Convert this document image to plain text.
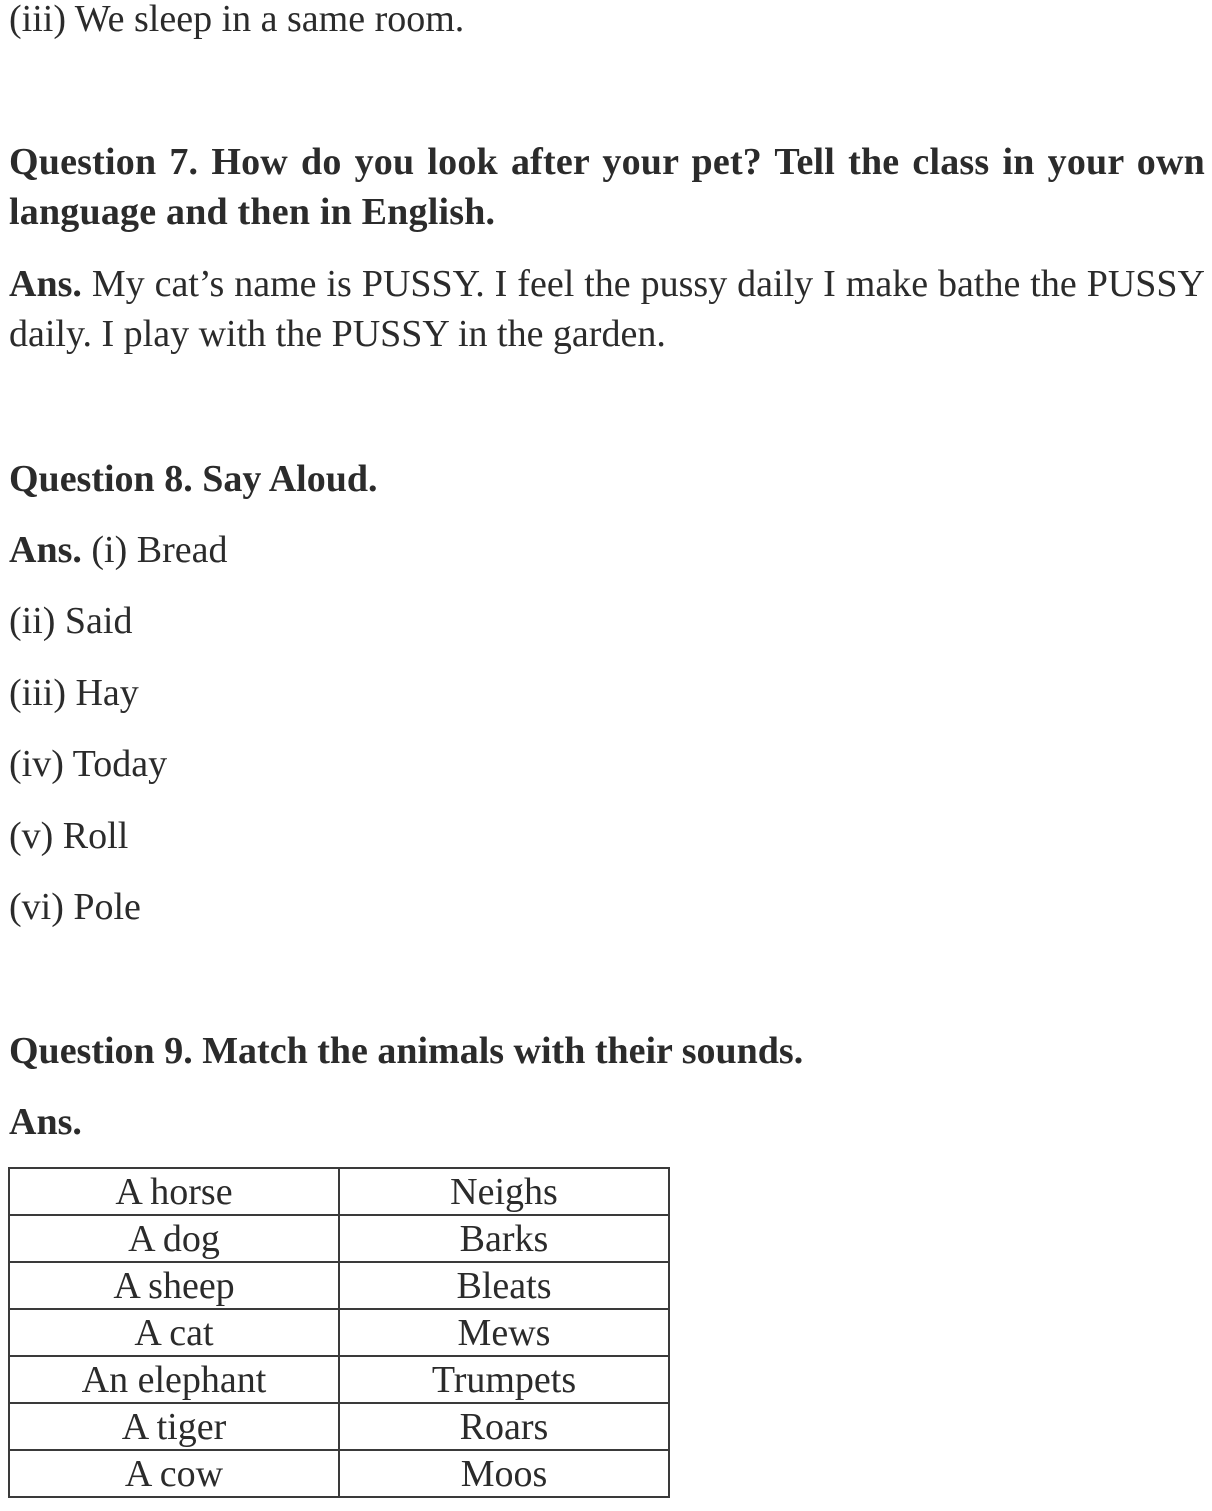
(iii) We sleep in a same room.
Question 7. How do you look after your pet? Tell the class in your own language and then in English.
Ans. My cat’s name is PUSSY. I feel the pussy daily I make bathe the PUSSY daily. I play with the PUSSY in the garden.
Question 8. Say Aloud.
Ans. (i) Bread
(ii) Said
(iii) Hay
(iv) Today
(v) Roll
(vi) Pole
Question 9. Match the animals with their sounds.
Ans.
A horse	Neighs
A dog	Barks
A sheep	Bleats
A cat	Mews
An elephant	Trumpets
A tiger	Roars
A cow	Moos
